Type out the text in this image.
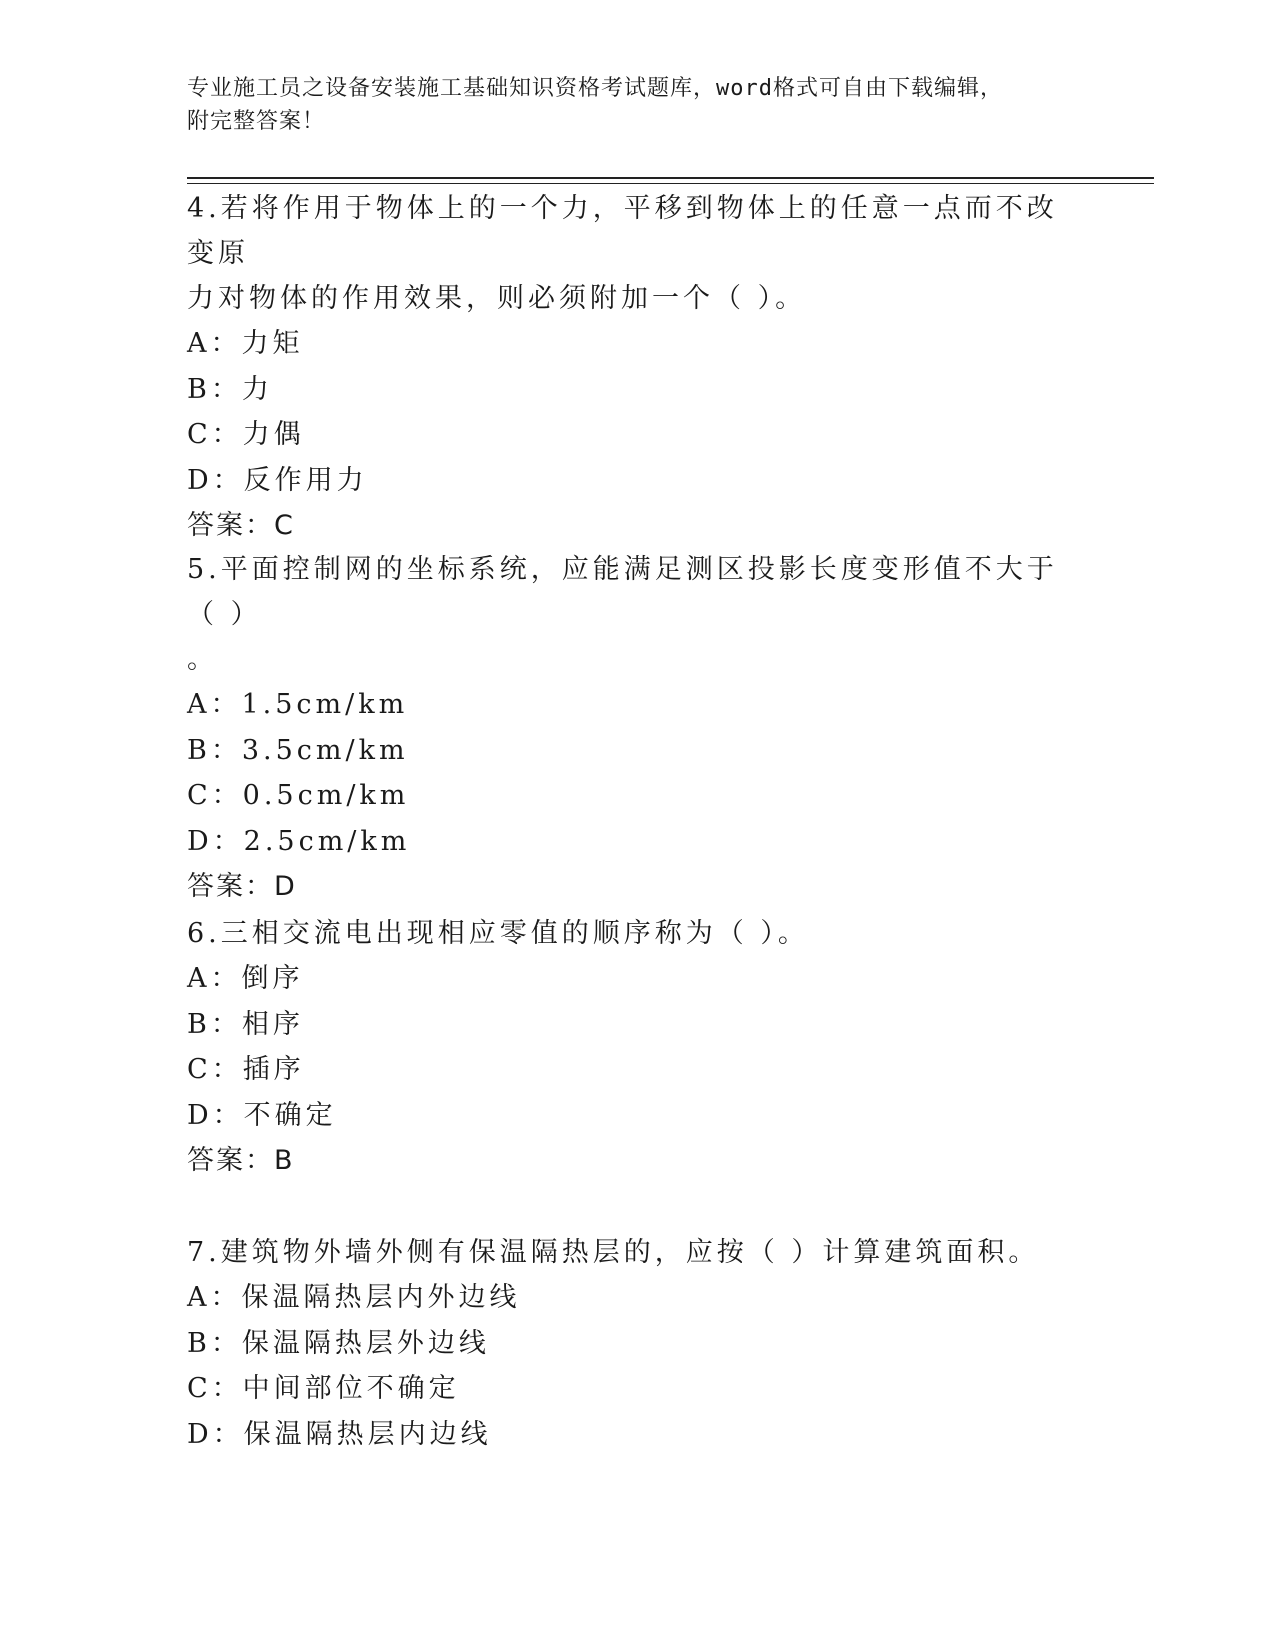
专业施工员之设备安装施工基础知识资格考试题库，word格式可自由下载编辑，
附完整答案！

4.若将作用于物体上的一个力，平移到物体上的任意一点而不改变原

力对物体的作用效果，则必须附加一个（ ）。

A：力矩

B：力

C：力偶

D：反作用力

答案：C

5.平面控制网的坐标系统，应能满足测区投影长度变形值不大于（ ）

。

A：1.5cm/km

B：3.5cm/km

C：0.5cm/km

D：2.5cm/km

答案：D

6.三相交流电出现相应零值的顺序称为（ ）。

A：倒序

B：相序

C：插序

D：不确定

答案：B

7.建筑物外墙外侧有保温隔热层的，应按（ ）计算建筑面积。

A：保温隔热层内外边线

B：保温隔热层外边线

C：中间部位不确定

D：保温隔热层内边线
